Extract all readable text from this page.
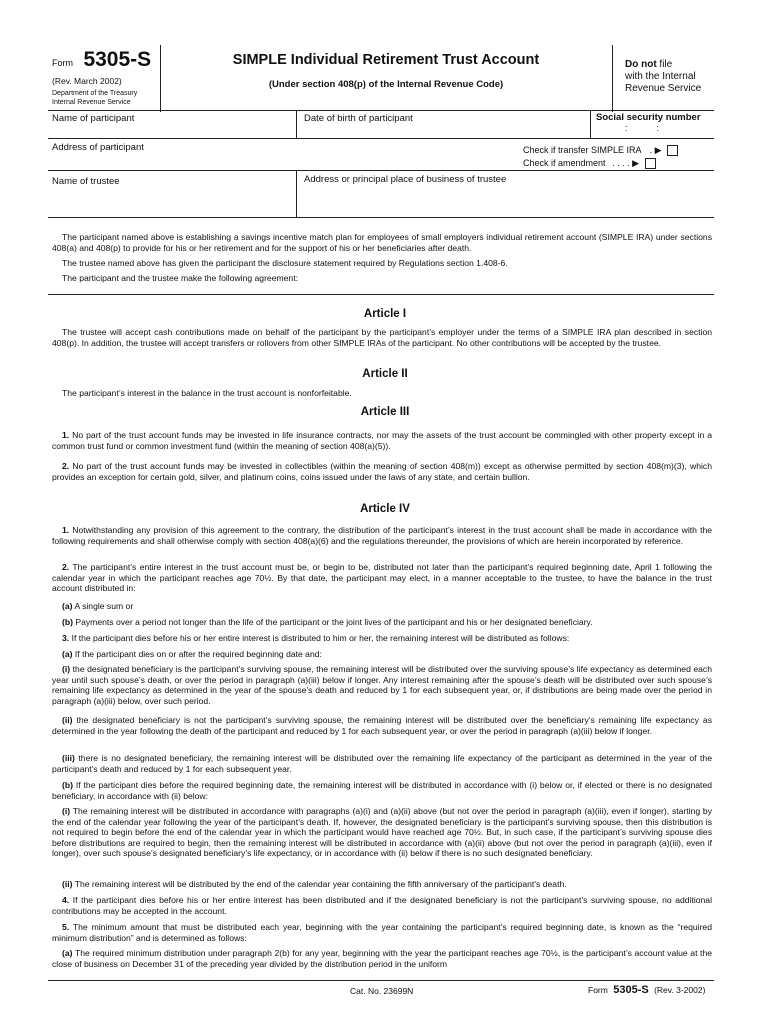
Form 5305-S
(Rev. March 2002)
Department of the Treasury
Internal Revenue Service
SIMPLE Individual Retirement Trust Account
(Under section 408(p) of the Internal Revenue Code)
Do not file
with the Internal
Revenue Service
Name of participant	Date of birth of participant	Social security number
:        :
Address of participant	Check if transfer SIMPLE IRA . ▶
Check if amendment . . . . ▶
Name of trustee	Address or principal place of business of trustee
The participant named above is establishing a savings incentive match plan for employees of small employers individual retirement account (SIMPLE IRA) under sections 408(a) and 408(p) to provide for his or her retirement and for the support of his or her beneficiaries after death.
The trustee named above has given the participant the disclosure statement required by Regulations section 1.408-6.
The participant and the trustee make the following agreement:
Article I
The trustee will accept cash contributions made on behalf of the participant by the participant’s employer under the terms of a SIMPLE IRA plan described in section 408(p). In addition, the trustee will accept transfers or rollovers from other SIMPLE IRAs of the participant. No other contributions will be accepted by the trustee.
Article II
The participant’s interest in the balance in the trust account is nonforfeitable.
Article III
1. No part of the trust account funds may be invested in life insurance contracts, nor may the assets of the trust account be commingled with other property except in a common trust fund or common investment fund (within the meaning of section 408(a)(5)).
2. No part of the trust account funds may be invested in collectibles (within the meaning of section 408(m)) except as otherwise permitted by section 408(m)(3), which provides an exception for certain gold, silver, and platinum coins, coins issued under the laws of any state, and certain bullion.
Article IV
1. Notwithstanding any provision of this agreement to the contrary, the distribution of the participant’s interest in the trust account shall be made in accordance with the following requirements and shall otherwise comply with section 408(a)(6) and the regulations thereunder, the provisions of which are herein incorporated by reference.
2. The participant’s entire interest in the trust account must be, or begin to be, distributed not later than the participant’s required beginning date, April 1 following the calendar year in which the participant reaches age 70½. By that date, the participant may elect, in a manner acceptable to the trustee, to have the balance in the trust account distributed in:
(a) A single sum or
(b) Payments over a period not longer than the life of the participant or the joint lives of the participant and his or her designated beneficiary.
3. If the participant dies before his or her entire interest is distributed to him or her, the remaining interest will be distributed as follows:
(a) If the participant dies on or after the required beginning date and:
(i) the designated beneficiary is the participant’s surviving spouse, the remaining interest will be distributed over the surviving spouse’s life expectancy as determined each year until such spouse’s death, or over the period in paragraph (a)(iii) below if longer. Any interest remaining after the spouse’s death will be distributed over such spouse’s remaining life expectancy as determined in the year of the spouse’s death and reduced by 1 for each subsequent year, or, if distributions are being made over the period in paragraph (a)(iii) below, over such period.
(ii) the designated beneficiary is not the participant’s surviving spouse, the remaining interest will be distributed over the beneficiary’s remaining life expectancy as determined in the year following the death of the participant and reduced by 1 for each subsequent year, or over the period in paragraph (a)(iii) below if longer.
(iii) there is no designated beneficiary, the remaining interest will be distributed over the remaining life expectancy of the participant as determined in the year of the participant’s death and reduced by 1 for each subsequent year.
(b) If the participant dies before the required beginning date, the remaining interest will be distributed in accordance with (i) below or, if elected or there is no designated beneficiary, in accordance with (ii) below:
(i) The remaining interest will be distributed in accordance with paragraphs (a)(i) and (a)(ii) above (but not over the period in paragraph (a)(iii), even if longer), starting by the end of the calendar year following the year of the participant’s death. If, however, the designated beneficiary is the participant’s surviving spouse, then this distribution is not required to begin before the end of the calendar year in which the participant would have reached age 70½. But, in such case, if the participant’s surviving spouse dies before distributions are required to begin, then the remaining interest will be distributed in accordance with (a)(ii) above (but not over the period in paragraph (a)(iii), even if longer), over such spouse’s designated beneficiary’s life expectancy, or in accordance with (ii) below if there is no such designated beneficiary.
(ii) The remaining interest will be distributed by the end of the calendar year containing the fifth anniversary of the participant’s death.
4. If the participant dies before his or her entire interest has been distributed and if the designated beneficiary is not the participant’s surviving spouse, no additional contributions may be accepted in the account.
5. The minimum amount that must be distributed each year, beginning with the year containing the participant’s required beginning date, is known as the “required minimum distribution” and is determined as follows:
(a) The required minimum distribution under paragraph 2(b) for any year, beginning with the year the participant reaches age 70½, is the participant’s account value at the close of business on December 31 of the preceding year divided by the distribution period in the uniform
Cat. No. 23699N	Form 5305-S (Rev. 3-2002)
